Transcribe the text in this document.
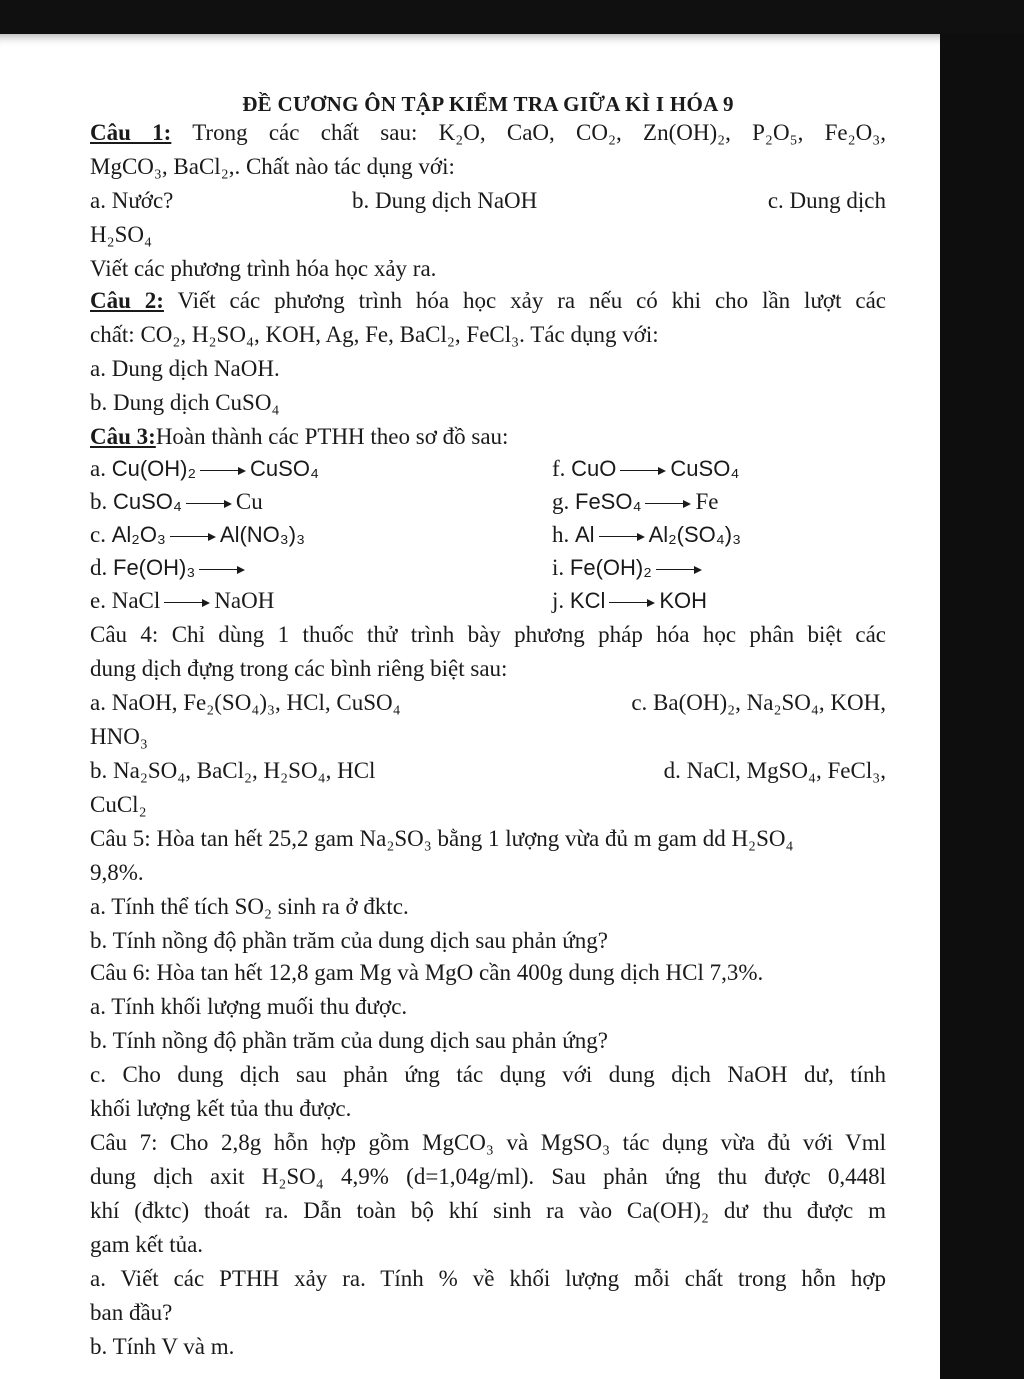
ĐỀ CƯƠNG ÔN TẬP KIỂM TRA GIỮA KÌ I HÓA 9
Câu 1: Trong các chất sau: K₂O, CaO, CO₂, Zn(OH)₂, P₂O₅, Fe₂O₃,
MgCO₃, BaCl₂,. Chất nào tác dụng với:
a. Nước?	b. Dung dịch NaOH	c. Dung dịch
H₂SO₄
Viết các phương trình hóa học xảy ra.
Câu 2: Viết các phương trình hóa học xảy ra nếu có khi cho lần lượt các
chất: CO₂, H₂SO₄, KOH, Ag, Fe, BaCl₂, FeCl₃. Tác dụng với:
a. Dung dịch NaOH.
b. Dung dịch CuSO₄
Câu 3:Hoàn thành các PTHH theo sơ đồ sau:
a. Cu(OH)₂ CuSO₄	f. CuO CuSO₄
b. CuSO₄ Cu	g. FeSO₄ Fe
c. Al₂O₃ Al(NO₃)₃	h. Al Al₂(SO₄)₃
d. Fe(OH)₃	i. Fe(OH)₂
e. NaCl NaOH	j. KCl KOH
Câu 4: Chỉ dùng 1 thuốc thử trình bày phương pháp hóa học phân biệt các
dung dịch đựng trong các bình riêng biệt sau:
a. NaOH, Fe₂(SO₄)₃, HCl, CuSO₄	c. Ba(OH)₂, Na₂SO₄, KOH,
HNO₃
b. Na₂SO₄, BaCl₂, H₂SO₄, HCl	d. NaCl, MgSO₄, FeCl₃,
CuCl₂
Câu 5: Hòa tan hết 25,2 gam Na₂SO₃ bằng 1 lượng vừa đủ m gam dd H₂SO₄
9,8%.
a. Tính thể tích SO₂ sinh ra ở đktc.
b. Tính nồng độ phần trăm của dung dịch sau phản ứng?
Câu 6: Hòa tan hết 12,8 gam Mg và MgO cần 400g dung dịch HCl 7,3%.
a. Tính khối lượng muối thu được.
b. Tính nồng độ phần trăm của dung dịch sau phản ứng?
c. Cho dung dịch sau phản ứng tác dụng với dung dịch NaOH dư, tính
khối lượng kết tủa thu được.
Câu 7: Cho 2,8g hỗn hợp gồm MgCO₃ và MgSO₃ tác dụng vừa đủ với Vml
dung dịch axit H₂SO₄ 4,9% (d=1,04g/ml). Sau phản ứng thu được 0,448l
khí (đktc) thoát ra. Dẫn toàn bộ khí sinh ra vào Ca(OH)₂ dư thu được m
gam kết tủa.
a. Viết các PTHH xảy ra. Tính % về khối lượng mỗi chất trong hỗn hợp
ban đầu?
b. Tính V và m.
